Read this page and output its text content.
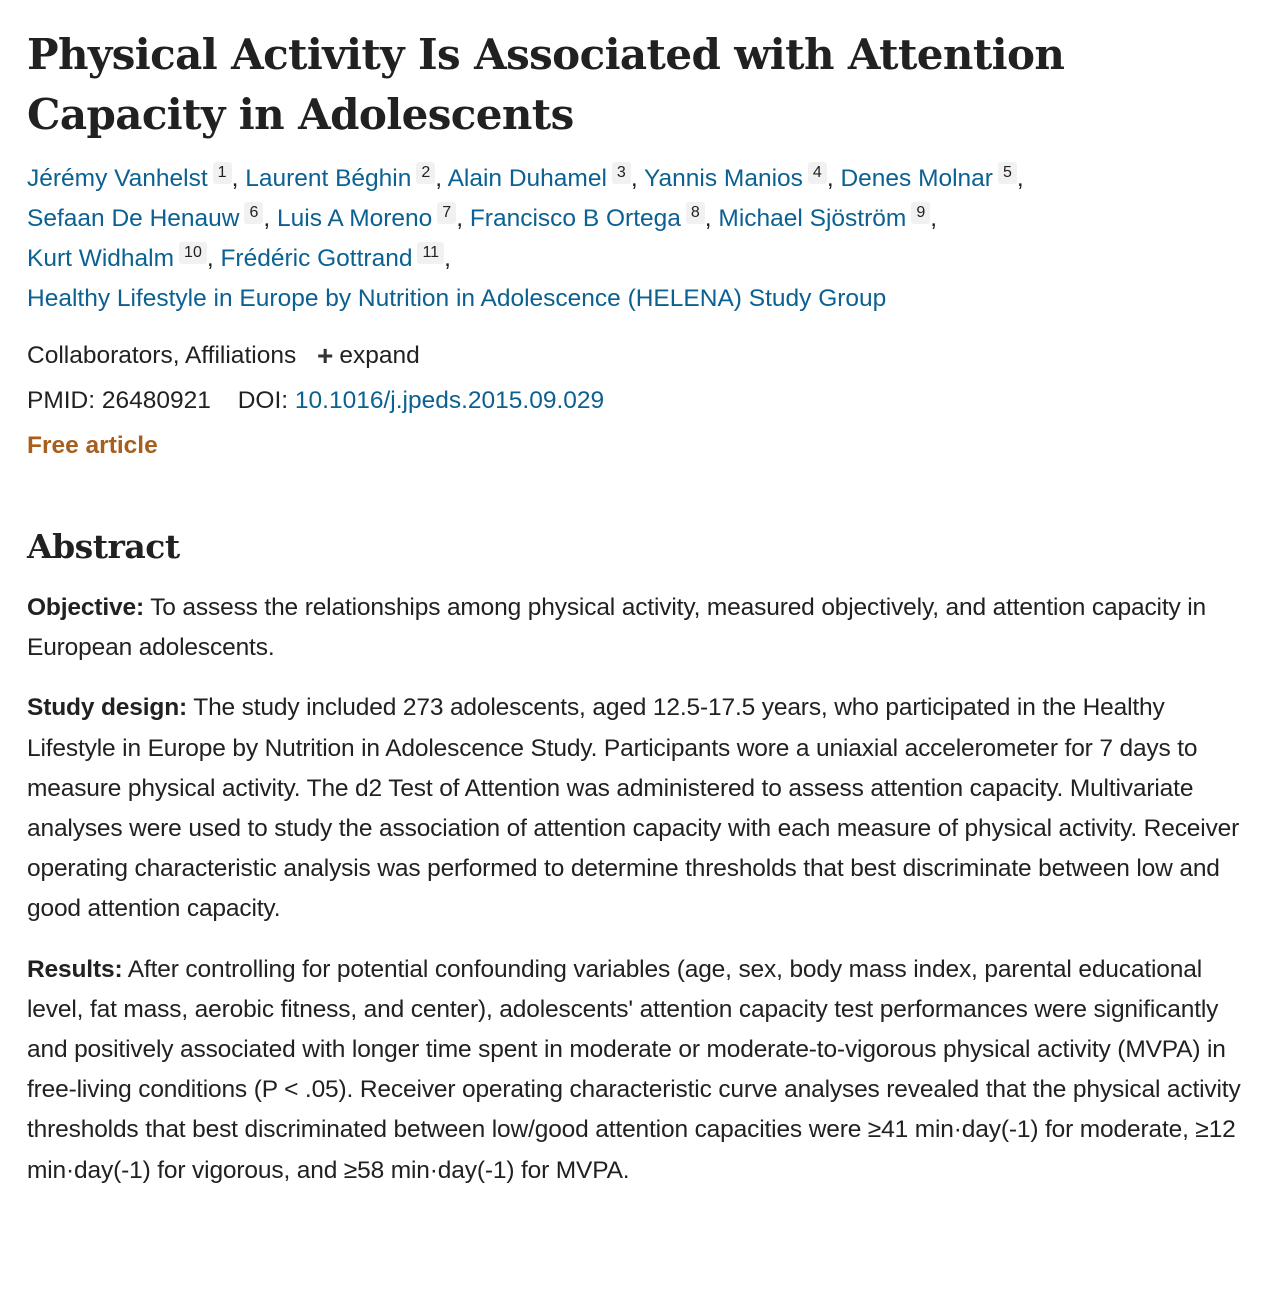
Physical Activity Is Associated with Attention Capacity in Adolescents
Jérémy Vanhelst 1 , Laurent Béghin 2 , Alain Duhamel 3 , Yannis Manios 4 , Denes Molnar 5 ,
Sefaan De Henauw 6 , Luis A Moreno 7 , Francisco B Ortega 8 , Michael Sjöström 9 ,
Kurt Widhalm 10 , Frédéric Gottrand 11 ,
Healthy Lifestyle in Europe by Nutrition in Adolescence (HELENA) Study Group
Collaborators, Affiliations + expand
PMID: 26480921 DOI: 10.1016/j.jpeds.2015.09.029
Free article
Abstract

Objective: To assess the relationships among physical activity, measured objectively, and attention capacity in European adolescents.

Study design: The study included 273 adolescents, aged 12.5-17.5 years, who participated in the Healthy Lifestyle in Europe by Nutrition in Adolescence Study. Participants wore a uniaxial accelerometer for 7 days to measure physical activity. The d2 Test of Attention was administered to assess attention capacity. Multivariate analyses were used to study the association of attention capacity with each measure of physical activity. Receiver operating characteristic analysis was performed to determine thresholds that best discriminate between low and good attention capacity.

Results: After controlling for potential confounding variables (age, sex, body mass index, parental educational level, fat mass, aerobic fitness, and center), adolescents' attention capacity test performances were significantly and positively associated with longer time spent in moderate or moderate-to-vigorous physical activity (MVPA) in free-living conditions (P < .05). Receiver operating characteristic curve analyses revealed that the physical activity thresholds that best discriminated between low/good attention capacities were ≥41 min·day(-1) for moderate, ≥12 min·day(-1) for vigorous, and ≥58 min·day(-1) for MVPA.
